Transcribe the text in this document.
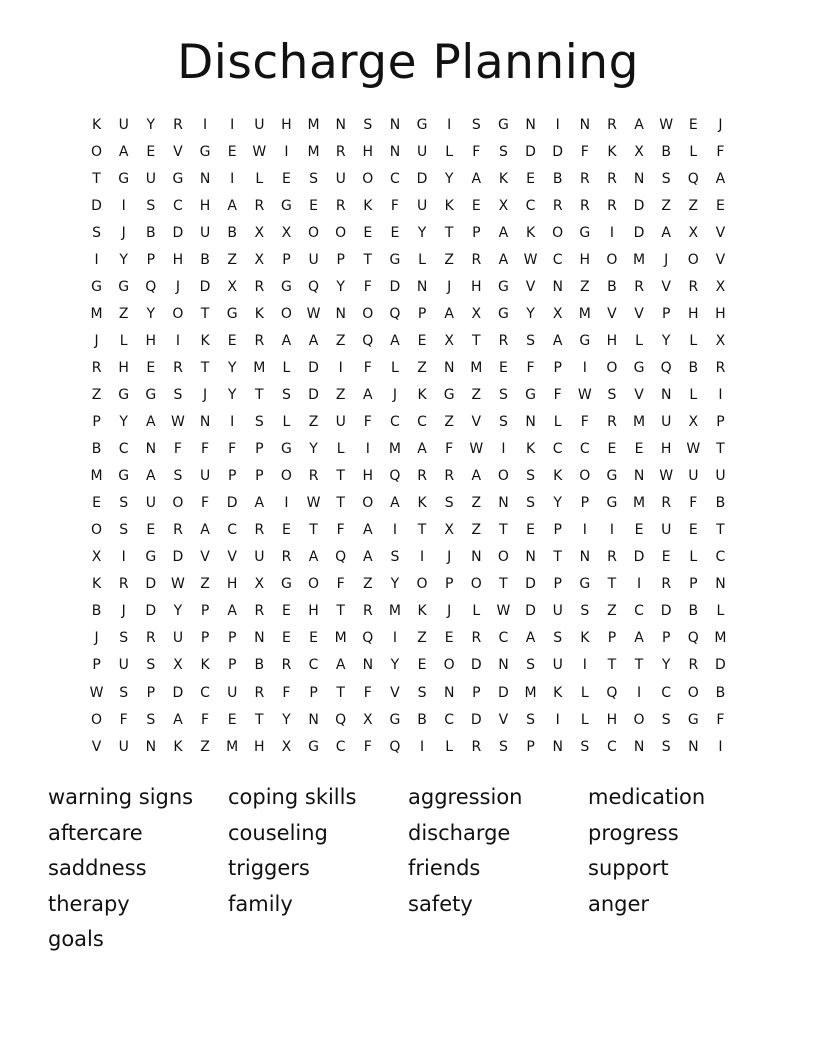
Discharge Planning
K	U	Y	R	I	I	U	H	M	N	S	N	G	I	S	G	N	I	N	R	A	W	E	J
O	A	E	V	G	E	W	I	M	R	H	N	U	L	F	S	D	D	F	K	X	B	L	F
T	G	U	G	N	I	L	E	S	U	O	C	D	Y	A	K	E	B	R	R	N	S	Q	A
D	I	S	C	H	A	R	G	E	R	K	F	U	K	E	X	C	R	R	R	D	Z	Z	E
S	J	B	D	U	B	X	X	O	O	E	E	Y	T	P	A	K	O	G	I	D	A	X	V
I	Y	P	H	B	Z	X	P	U	P	T	G	L	Z	R	A	W	C	H	O	M	J	O	V
G	G	Q	J	D	X	R	G	Q	Y	F	D	N	J	H	G	V	N	Z	B	R	V	R	X
M	Z	Y	O	T	G	K	O	W	N	O	Q	P	A	X	G	Y	X	M	V	V	P	H	H
J	L	H	I	K	E	R	A	A	Z	Q	A	E	X	T	R	S	A	G	H	L	Y	L	X
R	H	E	R	T	Y	M	L	D	I	F	L	Z	N	M	E	F	P	I	O	G	Q	B	R
Z	G	G	S	J	Y	T	S	D	Z	A	J	K	G	Z	S	G	F	W	S	V	N	L	I
P	Y	A	W	N	I	S	L	Z	U	F	C	C	Z	V	S	N	L	F	R	M	U	X	P
B	C	N	F	F	F	P	G	Y	L	I	M	A	F	W	I	K	C	C	E	E	H	W	T
M	G	A	S	U	P	P	O	R	T	H	Q	R	R	A	O	S	K	O	G	N	W	U	U
E	S	U	O	F	D	A	I	W	T	O	A	K	S	Z	N	S	Y	P	G	M	R	F	B
O	S	E	R	A	C	R	E	T	F	A	I	T	X	Z	T	E	P	I	I	E	U	E	T
X	I	G	D	V	V	U	R	A	Q	A	S	I	J	N	O	N	T	N	R	D	E	L	C
K	R	D	W	Z	H	X	G	O	F	Z	Y	O	P	O	T	D	P	G	T	I	R	P	N
B	J	D	Y	P	A	R	E	H	T	R	M	K	J	L	W	D	U	S	Z	C	D	B	L
J	S	R	U	P	P	N	E	E	M	Q	I	Z	E	R	C	A	S	K	P	A	P	Q	M
P	U	S	X	K	P	B	R	C	A	N	Y	E	O	D	N	S	U	I	T	T	Y	R	D
W	S	P	D	C	U	R	F	P	T	F	V	S	N	P	D	M	K	L	Q	I	C	O	B
O	F	S	A	F	E	T	Y	N	Q	X	G	B	C	D	V	S	I	L	H	O	S	G	F
V	U	N	K	Z	M	H	X	G	C	F	Q	I	L	R	S	P	N	S	C	N	S	N	I
warning signs	coping skills	aggression	medication
aftercare	couseling	discharge	progress
saddness	triggers	friends	support
therapy	family	safety	anger
goals
